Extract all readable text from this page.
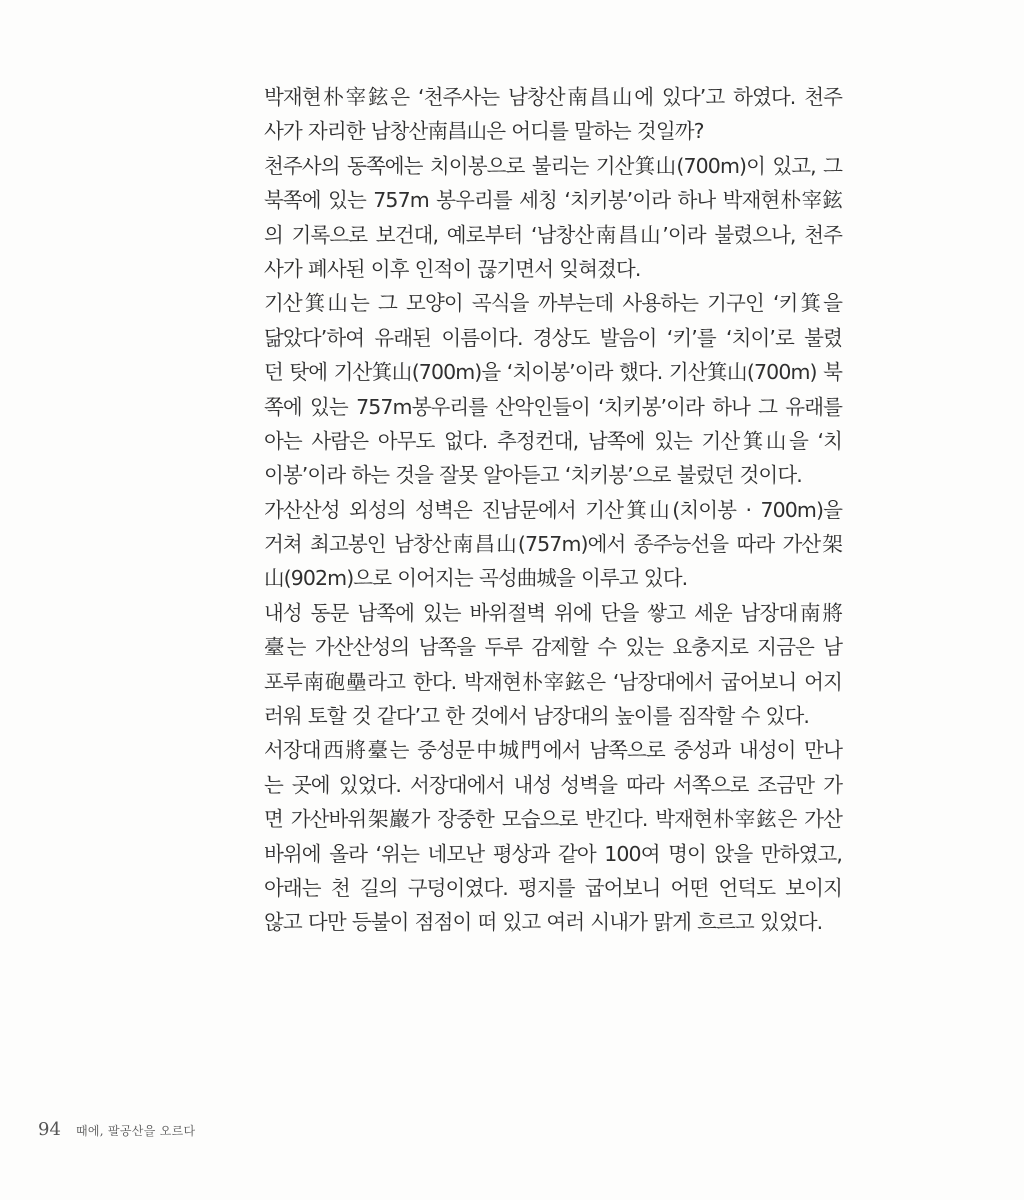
박재현朴宰鉉은 ‘천주사는 남창산南昌山에 있다’고 하였다. 천주
사가 자리한 남창산南昌山은 어디를 말하는 것일까?
천주사의 동쪽에는 치이봉으로 불리는 기산箕山(700m)이 있고, 그
북쪽에 있는 757m 봉우리를 세칭 ‘치키봉’이라 하나 박재현朴宰鉉
의 기록으로 보건대, 예로부터 ‘남창산南昌山’이라 불렸으나, 천주
사가 폐사된 이후 인적이 끊기면서 잊혀졌다.
기산箕山는 그 모양이 곡식을 까부는데 사용하는 기구인 ‘키箕을
닮았다’하여 유래된 이름이다. 경상도 발음이 ‘키’를 ‘치이’로 불렸
던 탓에 기산箕山(700m)을 ‘치이봉’이라 했다. 기산箕山(700m) 북
쪽에 있는 757m봉우리를 산악인들이 ‘치키봉’이라 하나 그 유래를
아는 사람은 아무도 없다. 추정컨대, 남쪽에 있는 기산箕山을 ‘치
이봉’이라 하는 것을 잘못 알아듣고 ‘치키봉’으로 불렀던 것이다.
가산산성 외성의 성벽은 진남문에서 기산箕山(치이봉 · 700m)을
거쳐 최고봉인 남창산南昌山(757m)에서 종주능선을 따라 가산架
山(902m)으로 이어지는 곡성曲城을 이루고 있다.
내성 동문 남쪽에 있는 바위절벽 위에 단을 쌓고 세운 남장대南將
臺는 가산산성의 남쪽을 두루 감제할 수 있는 요충지로 지금은 남
포루南砲壘라고 한다. 박재현朴宰鉉은 ‘남장대에서 굽어보니 어지
러워 토할 것 같다’고 한 것에서 남장대의 높이를 짐작할 수 있다.
서장대西將臺는 중성문中城門에서 남쪽으로 중성과 내성이 만나
는 곳에 있었다. 서장대에서 내성 성벽을 따라 서쪽으로 조금만 가
면 가산바위架巖가 장중한 모습으로 반긴다. 박재현朴宰鉉은 가산
바위에 올라 ‘위는 네모난 평상과 같아 100여 명이 앉을 만하였고,
아래는 천 길의 구덩이였다. 평지를 굽어보니 어떤 언덕도 보이지
않고 다만 등불이 점점이 떠 있고 여러 시내가 맑게 흐르고 있었다.
94 때에, 팔공산을 오르다
